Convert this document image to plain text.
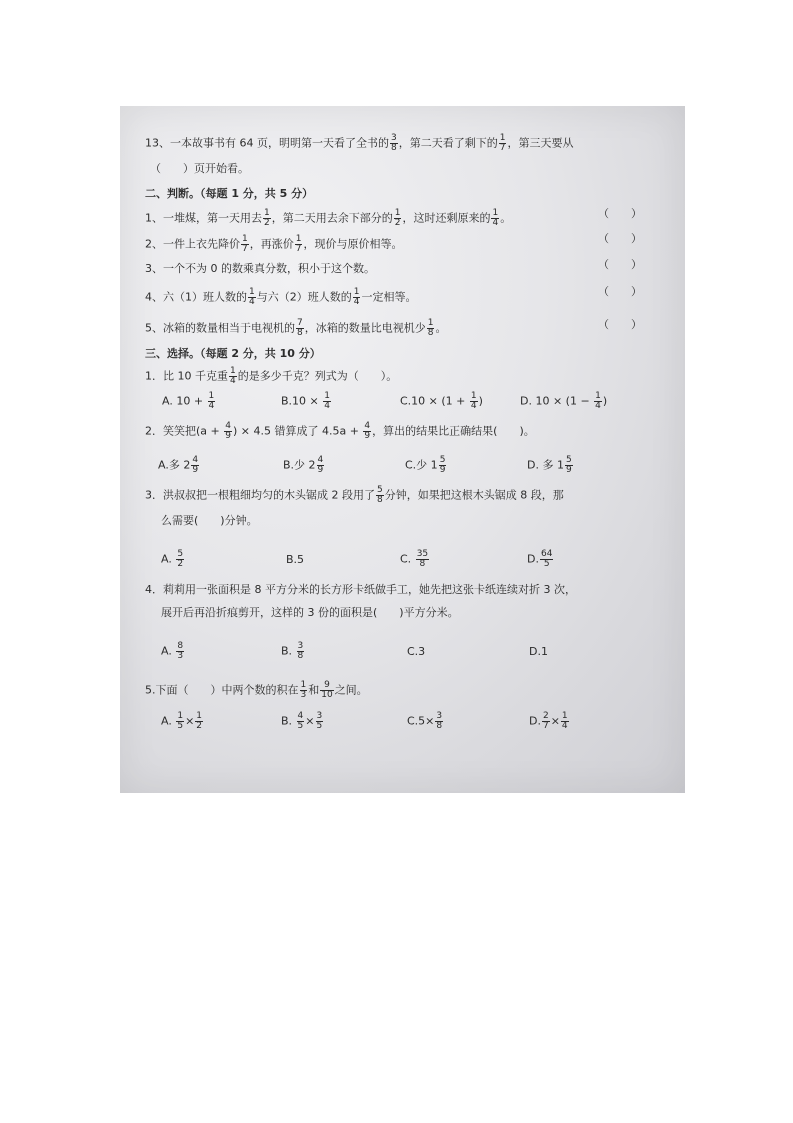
13、一本故事书有 64 页，明明第一天看了全书的 $\frac{3}{8}$ ，第二天看了剩下的 $\frac{1}{7}$ ，第三天要从
（　　）页开始看。
二、判断。（每题 1 分，共 5 分）
1、一堆煤，第一天用去 $\frac{1}{2}$ ，第二天用去余下部分的 $\frac{1}{2}$ ，这时还剩原来的 $\frac{1}{4}$ 。	（　　）
2、一件上衣先降价 $\frac{1}{7}$ ，再涨价 $\frac{1}{7}$ ，现价与原价相等。	（　　）
3、一个不为 0 的数乘真分数，积小于这个数。	（　　）
4、六（1）班人数的 $\frac{1}{4}$ 与六（2）班人数的 $\frac{1}{4}$ 一定相等。	（　　）
5、冰箱的数量相当于电视机的 $\frac{7}{8}$ ，冰箱的数量比电视机少 $\frac{1}{8}$ 。	（　　）
三、选择。（每题 2 分，共 10 分）
1．比 10 千克重 $\frac{1}{4}$ 的是多少千克？列式为（　　）。
A. $10 + \frac{1}{4}$	$B.10 \times \frac{1}{4}$	$C.10 \times (1 + \frac{1}{4}$ )	D. $10 \times (1 - \frac{1}{4}$ )
2．笑笑把($a + \frac{4}{9}$ ) × 4.5 错算成了 $4.5a + \frac{4}{9}$ ，算出的结果比正确结果(　　)。
A.多 $2 \frac{4}{9}$	B.少 $2 \frac{4}{9}$	C.少 $1 \frac{5}{9}$	D. 多 $1 \frac{5}{9}$
3．洪叔叔把一根粗细均匀的木头锯成 2 段用了 $\frac{5}{8}$ 分钟，如果把这根木头锯成 8 段，那
么需要(　　)分钟。
A. $\frac{5}{2}$	B.5	C. $\frac{35}{8}$	D. $\frac{64}{5}$
4．莉莉用一张面积是 8 平方分米的长方形卡纸做手工，她先把这张卡纸连续对折 3 次，
展开后再沿折痕剪开，这样的 3 份的面积是(　　)平方分米。
A. $\frac{8}{3}$	B. $\frac{3}{8}$	C.3	D.1
5.下面（　　）中两个数的积在 $\frac{1}{3}$ 和 $\frac{9}{10}$ 之间。
A. $\frac{1}{5} \times \frac{1}{2}$	B. $\frac{4}{5} \times \frac{3}{5}$	$C.5\times \frac{3}{8}$	D. $\frac{2}{7} \times \frac{1}{4}$
